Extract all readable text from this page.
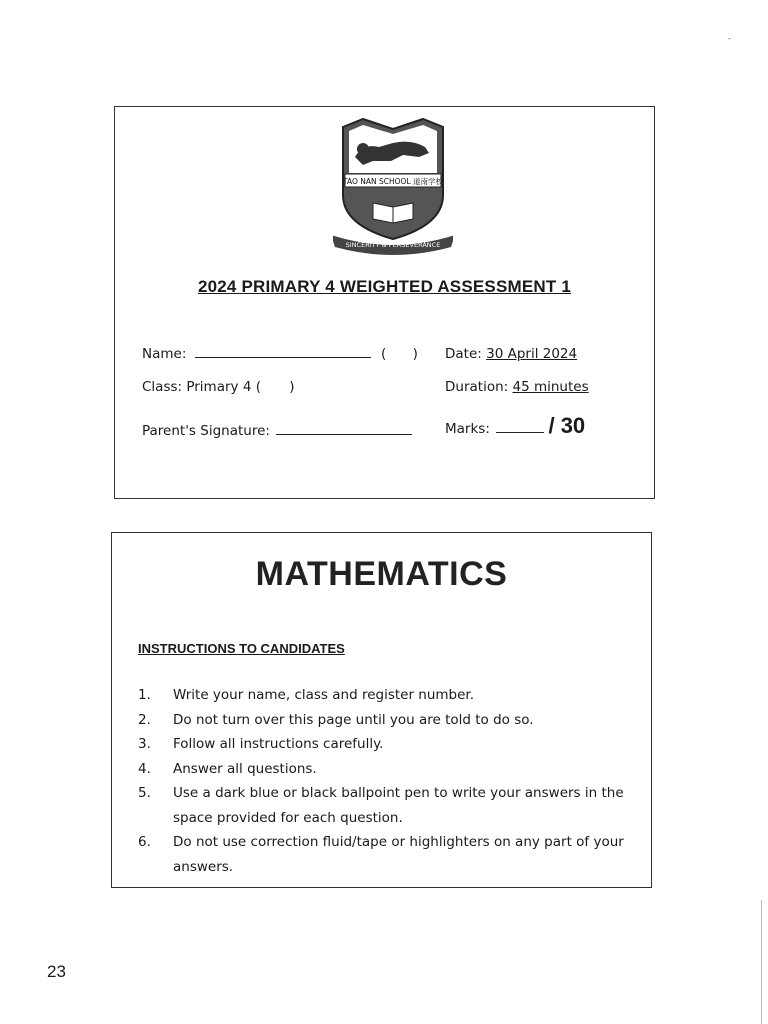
-
TAO NAN SCHOOL 道南学校
SINCERITY & PERSEVERANCE
2024 PRIMARY 4 WEIGHTED ASSESSMENT 1
Name:	( ) Date: 30 April 2024
Class: Primary 4 ( )	Duration: 45 minutes
Parent's Signature:	Marks:	/ 30
MATHEMATICS
INSTRUCTIONS TO CANDIDATES
1. Write your name, class and register number.
2. Do not turn over this page until you are told to do so.
3. Follow all instructions carefully.
4. Answer all questions.
5. Use a dark blue or black ballpoint pen to write your answers in the space provided for each question.
6. Do not use correction fluid/tape or highlighters on any part of your answers.
23
